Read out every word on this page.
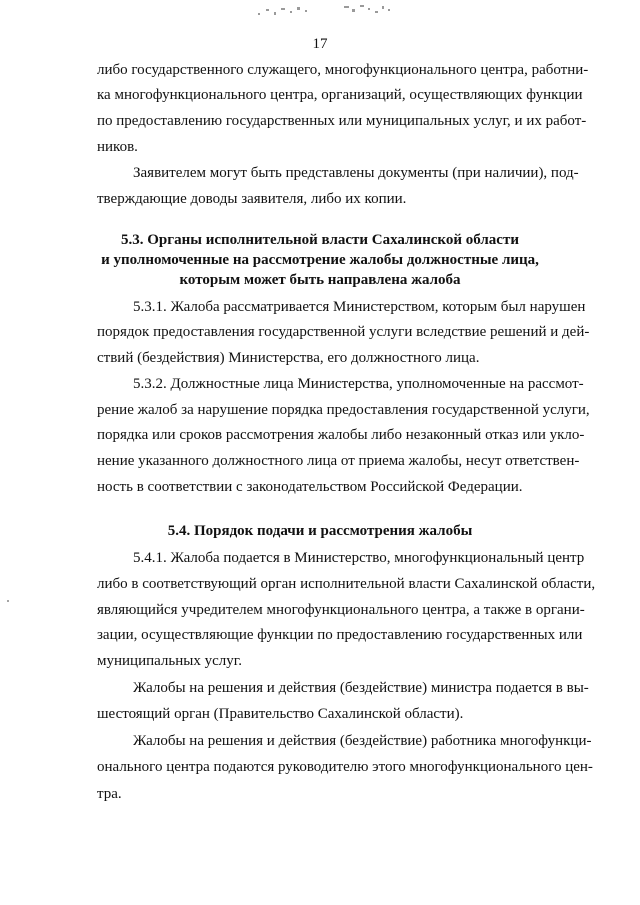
17
либо государственного служащего, многофункционального центра, работни-
ка многофункционального центра, организаций, осуществляющих функции
по предоставлению государственных или муниципальных услуг, и их работ-
ников.
Заявителем могут быть представлены документы (при наличии), под-
тверждающие доводы заявителя, либо их копии.
5.3. Органы исполнительной власти Сахалинской области
и уполномоченные на рассмотрение жалобы должностные лица,
которым может быть направлена жалоба
5.3.1. Жалоба рассматривается Министерством, которым был нарушен
порядок предоставления государственной услуги вследствие решений и дей-
ствий (бездействия) Министерства, его должностного лица.
5.3.2. Должностные лица Министерства, уполномоченные на рассмот-
рение жалоб за нарушение порядка предоставления государственной услуги,
порядка или сроков рассмотрения жалобы либо незаконный отказ или укло-
нение указанного должностного лица от приема жалобы, несут ответствен-
ность в соответствии с законодательством Российской Федерации.
5.4. Порядок подачи и рассмотрения жалобы
5.4.1. Жалоба подается в Министерство, многофункциональный центр
либо в соответствующий орган исполнительной власти Сахалинской области,
являющийся учредителем многофункционального центра, а также в органи-
зации, осуществляющие функции по предоставлению государственных или
муниципальных услуг.
Жалобы на решения и действия (бездействие) министра подается в вы-
шестоящий орган (Правительство Сахалинской области).
Жалобы на решения и действия (бездействие) работника многофункци-
онального центра подаются руководителю этого многофункционального цен-
тра.
